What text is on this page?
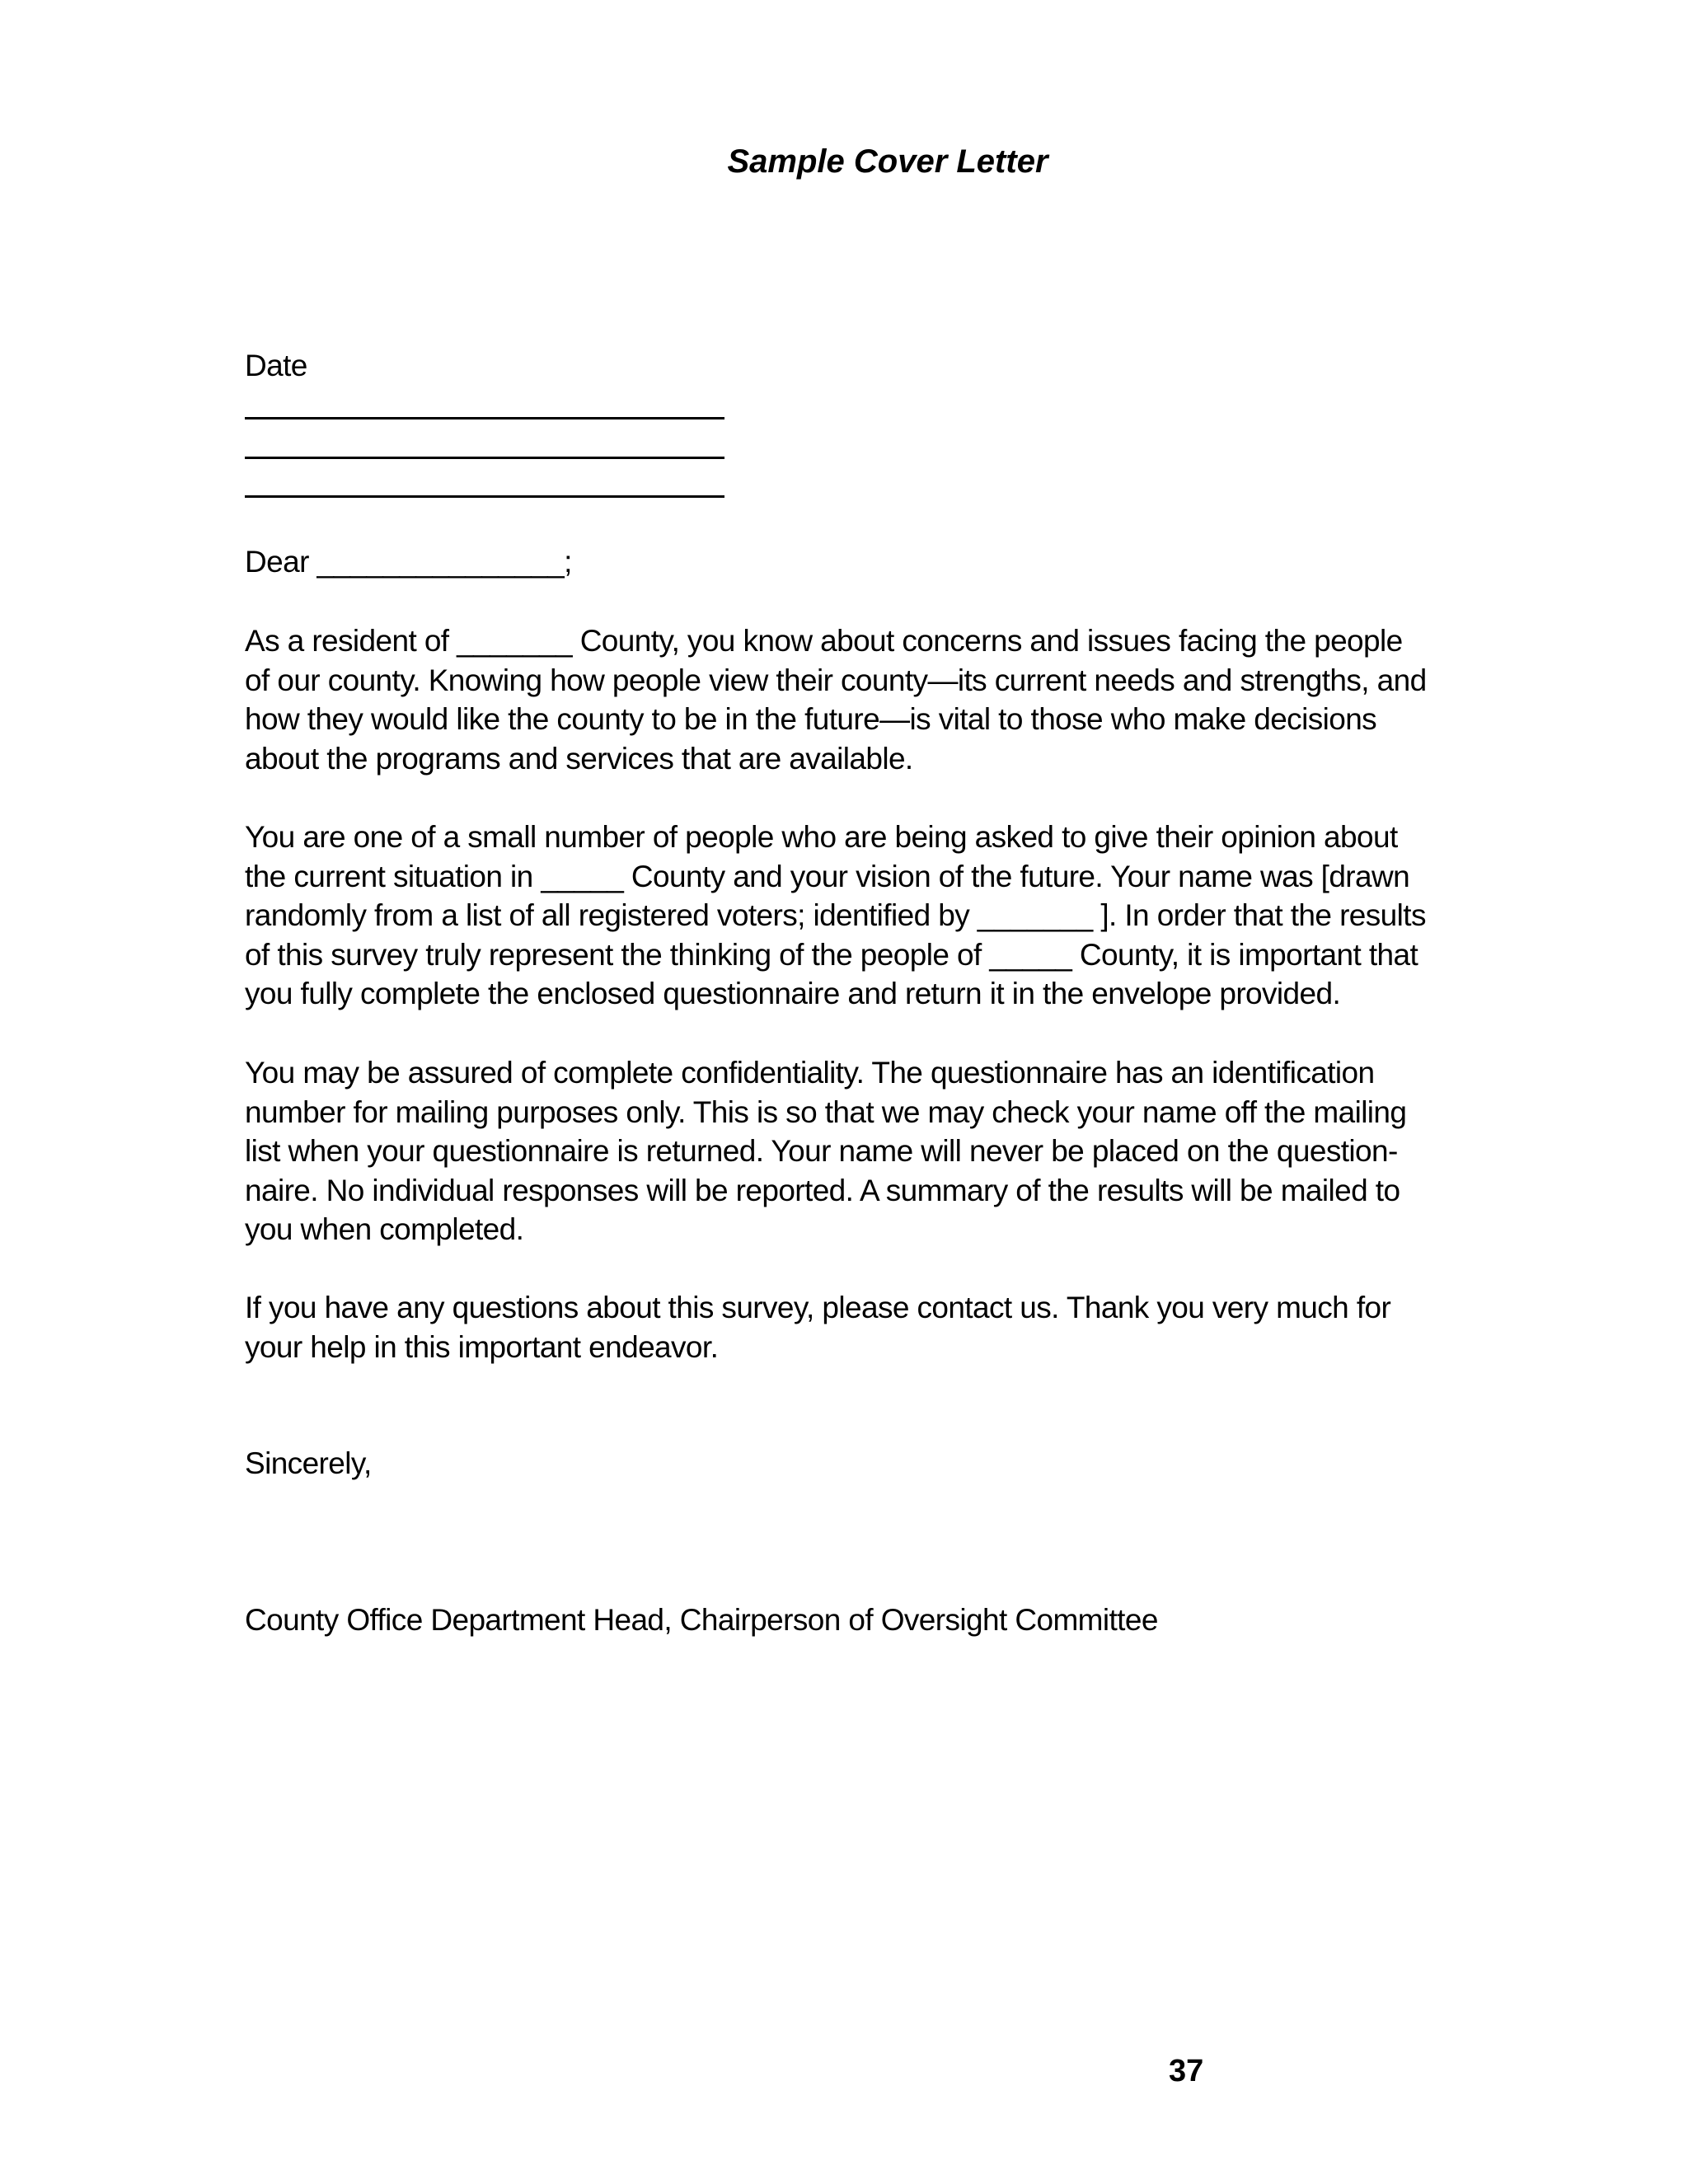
Sample Cover Letter
Date
Dear _______________;

As a resident of _______ County, you know about concerns and issues facing the people
of our county. Knowing how people view their county—its current needs and strengths, and
how they would like the county to be in the future—is vital to those who make decisions
about the programs and services that are available.

You are one of a small number of people who are being asked to give their opinion about
the current situation in _____ County and your vision of the future. Your name was [drawn
randomly from a list of all registered voters; identified by _______ ]. In order that the results
of this survey truly represent the thinking of the people of _____ County, it is important that
you fully complete the enclosed questionnaire and return it in the envelope provided.

You may be assured of complete confidentiality. The questionnaire has an identification
number for mailing purposes only. This is so that we may check your name off the mailing
list when your questionnaire is returned. Your name will never be placed on the question-
naire. No individual responses will be reported. A summary of the results will be mailed to
you when completed.

If you have any questions about this survey, please contact us. Thank you very much for
your help in this important endeavor.

Sincerely,
County Office Department Head, Chairperson of Oversight Committee
37
